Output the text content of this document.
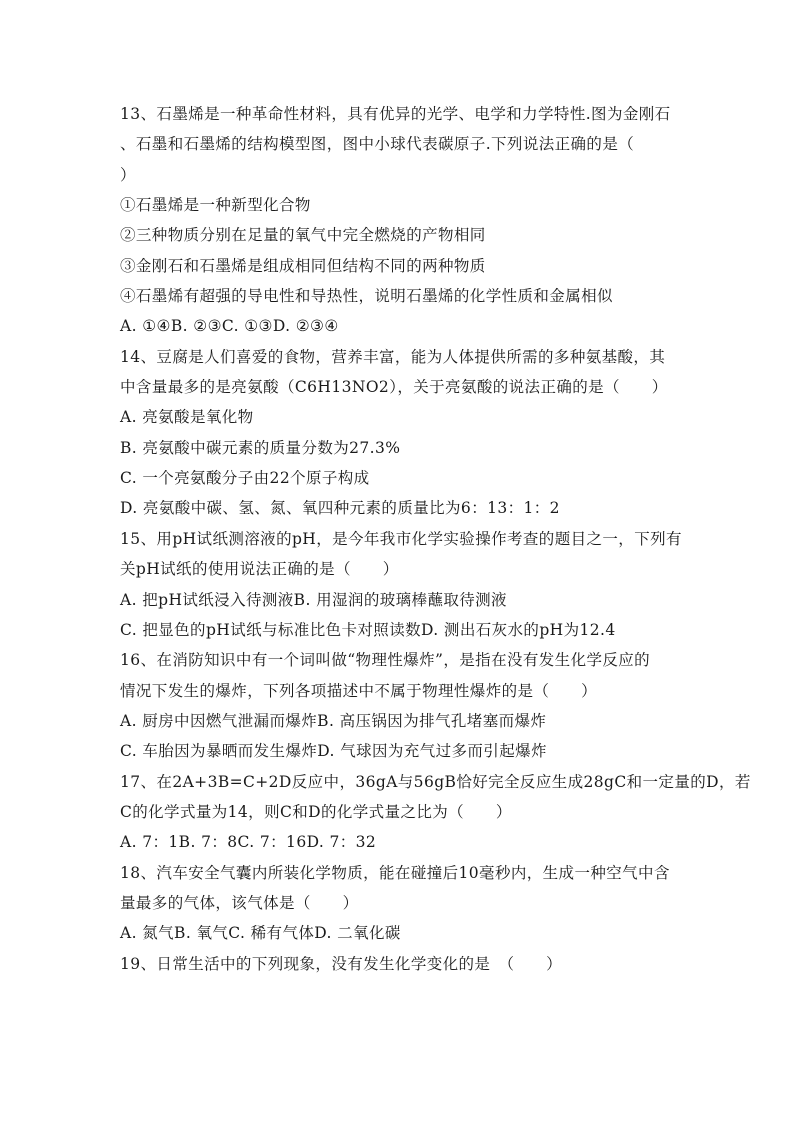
13、石墨烯是一种革命性材料，具有优异的光学、电学和力学特性.图为金刚石
、石墨和石墨烯的结构模型图，图中小球代表碳原子.下列说法正确的是（
）
①石墨烯是一种新型化合物
②三种物质分别在足量的氧气中完全燃烧的产物相同
③金刚石和石墨烯是组成相同但结构不同的两种物质
④石墨烯有超强的导电性和导热性，说明石墨烯的化学性质和金属相似
A. ①④B. ②③C. ①③D. ②③④
14、豆腐是人们喜爱的食物，营养丰富，能为人体提供所需的多种氨基酸，其
中含量最多的是亮氨酸（C6H13NO2），关于亮氨酸的说法正确的是（　　）
A. 亮氨酸是氧化物
B. 亮氨酸中碳元素的质量分数为27.3%
C. 一个亮氨酸分子由22个原子构成
D. 亮氨酸中碳、氢、氮、氧四种元素的质量比为6：13：1：2
15、用pH试纸测溶液的pH，是今年我市化学实验操作考查的题目之一，下列有
关pH试纸的使用说法正确的是（　　）
A. 把pH试纸浸入待测液B. 用湿润的玻璃棒蘸取待测液
C. 把显色的pH试纸与标准比色卡对照读数D. 测出石灰水的pH为12.4
16、在消防知识中有一个词叫做“物理性爆炸”，是指在没有发生化学反应的
情况下发生的爆炸，下列各项描述中不属于物理性爆炸的是（　　）
A. 厨房中因燃气泄漏而爆炸B. 高压锅因为排气孔堵塞而爆炸
C. 车胎因为暴晒而发生爆炸D. 气球因为充气过多而引起爆炸
17、在2A+3B=C+2D反应中，36gA与56gB恰好完全反应生成28gC和一定量的D，若
C的化学式量为14，则C和D的化学式量之比为（　　）
A. 7：1B. 7：8C. 7：16D. 7：32
18、汽车安全气囊内所装化学物质，能在碰撞后10毫秒内，生成一种空气中含
量最多的气体，该气体是（　　）
A. 氮气B. 氧气C. 稀有气体D. 二氧化碳
19、日常生活中的下列现象，没有发生化学变化的是　（　　）
